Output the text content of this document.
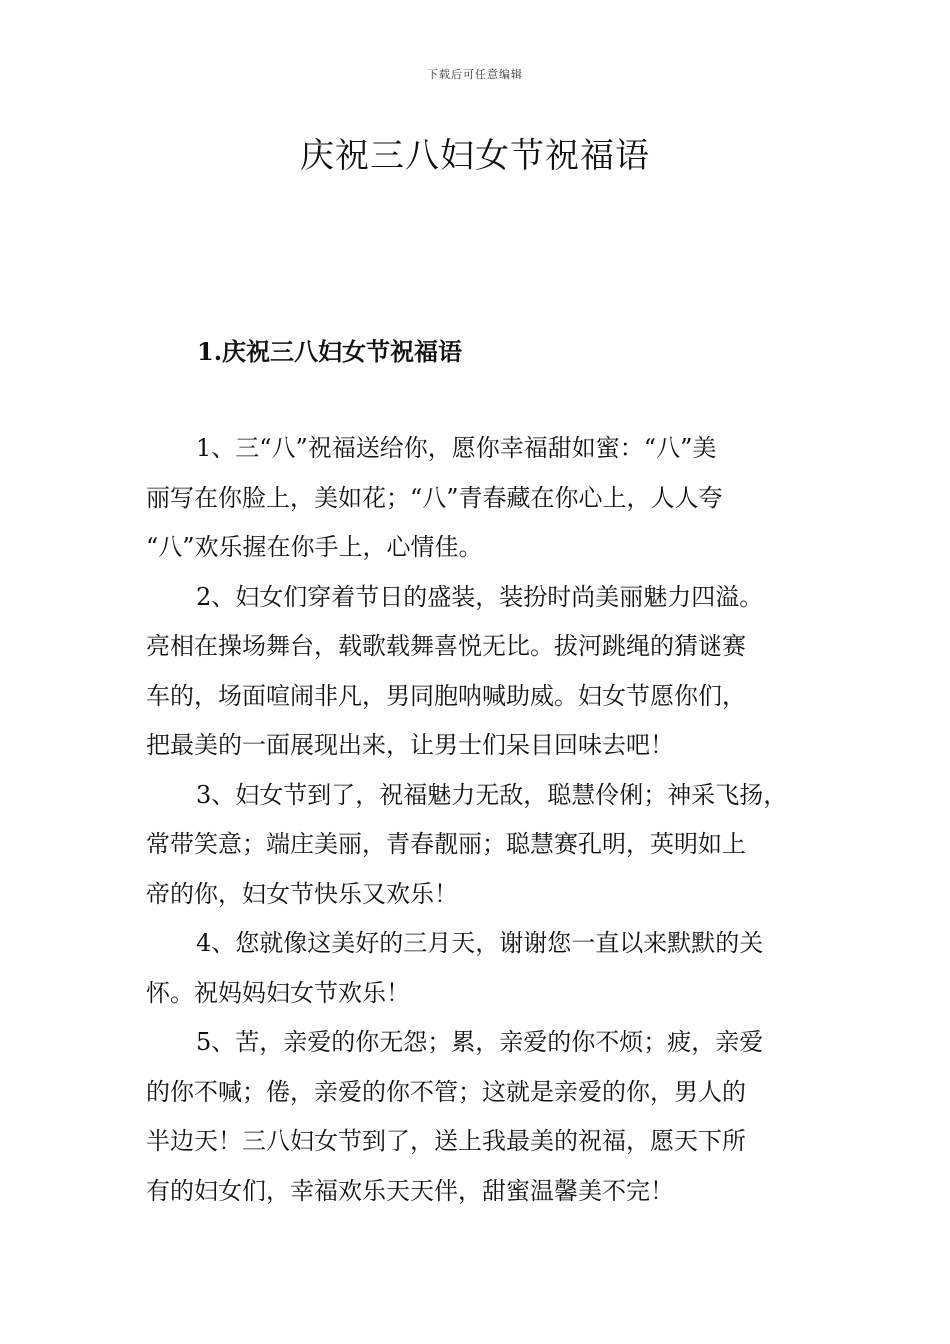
下载后可任意编辑
庆祝三八妇女节祝福语
1.庆祝三八妇女节祝福语

1、三“八”祝福送给你，愿你幸福甜如蜜：“八”美
丽写在你脸上，美如花；“八”青春藏在你心上，人人夸
“八”欢乐握在你手上，心情佳。

2、妇女们穿着节日的盛装，装扮时尚美丽魅力四溢。
亮相在操场舞台，载歌载舞喜悦无比。拔河跳绳的猜谜赛
车的，场面喧闹非凡，男同胞呐喊助威。妇女节愿你们，
把最美的一面展现出来，让男士们呆目回味去吧！

3、妇女节到了，祝福魅力无敌，聪慧伶俐；神采飞扬，
常带笑意；端庄美丽，青春靓丽；聪慧赛孔明，英明如上
帝的你，妇女节快乐又欢乐！

4、您就像这美好的三月天，谢谢您一直以来默默的关
怀。祝妈妈妇女节欢乐！

5、苦，亲爱的你无怨；累，亲爱的你不烦；疲，亲爱
的你不喊；倦，亲爱的你不管；这就是亲爱的你，男人的
半边天！三八妇女节到了，送上我最美的祝福，愿天下所
有的妇女们，幸福欢乐天天伴，甜蜜温馨美不完！
